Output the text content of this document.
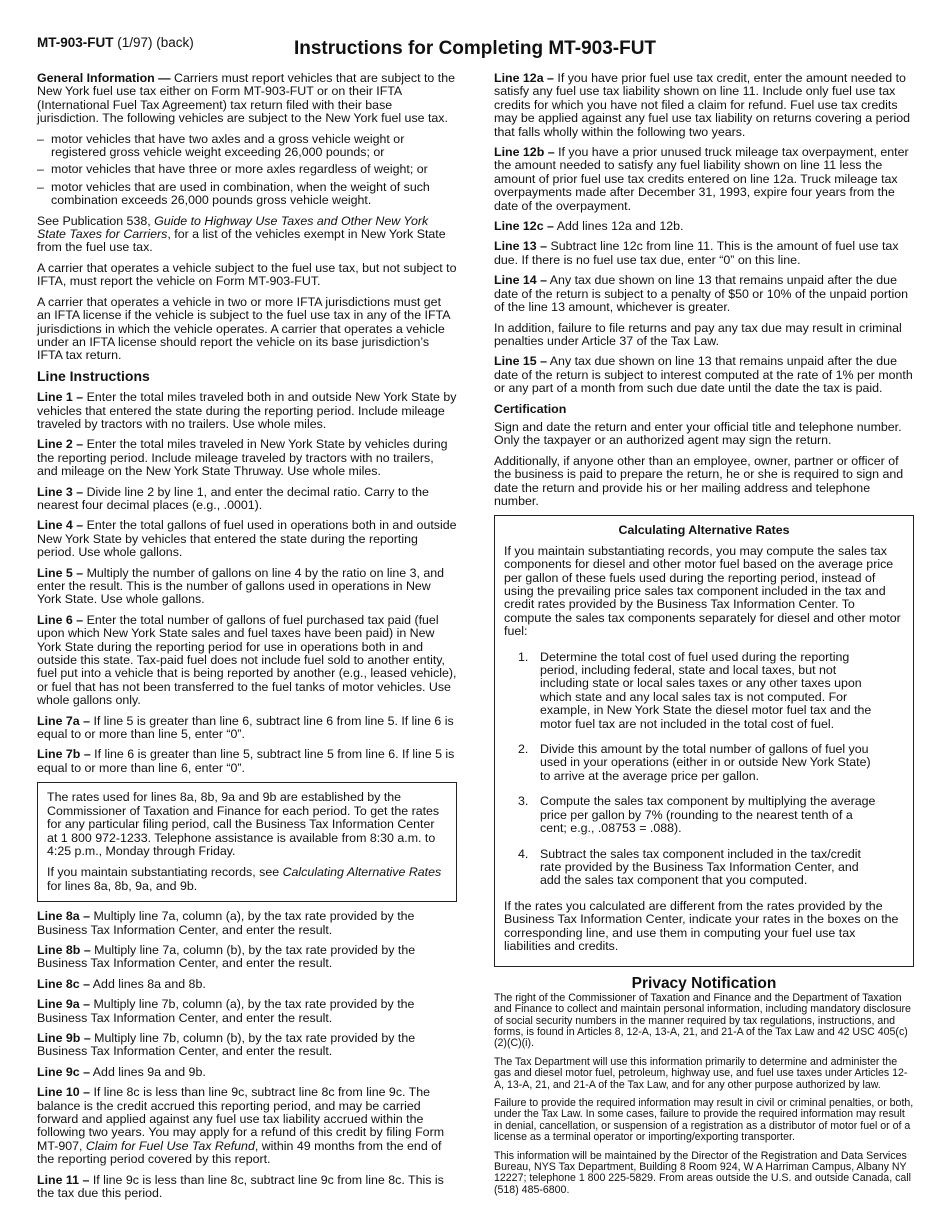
MT-903-FUT (1/97) (back)	Instructions for Completing MT-903-FUT

General Information — Carriers must report vehicles that are subject to the New York fuel use tax either on Form MT-903-FUT or on their IFTA (International Fuel Tax Agreement) tax return filed with their base jurisdiction. The following vehicles are subject to the New York fuel use tax.

– motor vehicles that have two axles and a gross vehicle weight or registered gross vehicle weight exceeding 26,000 pounds; or
– motor vehicles that have three or more axles regardless of weight; or
– motor vehicles that are used in combination, when the weight of such combination exceeds 26,000 pounds gross vehicle weight.

See Publication 538, Guide to Highway Use Taxes and Other New York State Taxes for Carriers, for a list of the vehicles exempt in New York State from the fuel use tax.

A carrier that operates a vehicle subject to the fuel use tax, but not subject to IFTA, must report the vehicle on Form MT-903-FUT.

A carrier that operates a vehicle in two or more IFTA jurisdictions must get an IFTA license if the vehicle is subject to the fuel use tax in any of the IFTA jurisdictions in which the vehicle operates. A carrier that operates a vehicle under an IFTA license should report the vehicle on its base jurisdiction’s IFTA tax return.

Line Instructions

Line 1 – Enter the total miles traveled both in and outside New York State by vehicles that entered the state during the reporting period. Include mileage traveled by tractors with no trailers. Use whole miles.

Line 2 – Enter the total miles traveled in New York State by vehicles during the reporting period. Include mileage traveled by tractors with no trailers, and mileage on the New York State Thruway. Use whole miles.

Line 3 – Divide line 2 by line 1, and enter the decimal ratio. Carry to the nearest four decimal places (e.g., .0001).

Line 4 – Enter the total gallons of fuel used in operations both in and outside New York State by vehicles that entered the state during the reporting period. Use whole gallons.

Line 5 – Multiply the number of gallons on line 4 by the ratio on line 3, and enter the result. This is the number of gallons used in operations in New York State. Use whole gallons.

Line 6 – Enter the total number of gallons of fuel purchased tax paid (fuel upon which New York State sales and fuel taxes have been paid) in New York State during the reporting period for use in operations both in and outside this state. Tax-paid fuel does not include fuel sold to another entity, fuel put into a vehicle that is being reported by another (e.g., leased vehicle), or fuel that has not been transferred to the fuel tanks of motor vehicles. Use whole gallons only.

Line 7a – If line 5 is greater than line 6, subtract line 6 from line 5. If line 6 is equal to or more than line 5, enter “0”.

Line 7b – If line 6 is greater than line 5, subtract line 5 from line 6. If line 5 is equal to or more than line 6, enter “0”.

The rates used for lines 8a, 8b, 9a and 9b are established by the Commissioner of Taxation and Finance for each period. To get the rates for any particular filing period, call the Business Tax Information Center at 1 800 972-1233. Telephone assistance is available from 8:30 a.m. to 4:25 p.m., Monday through Friday.

If you maintain substantiating records, see Calculating Alternative Rates for lines 8a, 8b, 9a, and 9b.

Line 8a – Multiply line 7a, column (a), by the tax rate provided by the Business Tax Information Center, and enter the result.

Line 8b – Multiply line 7a, column (b), by the tax rate provided by the Business Tax Information Center, and enter the result.

Line 8c – Add lines 8a and 8b.

Line 9a – Multiply line 7b, column (a), by the tax rate provided by the Business Tax Information Center, and enter the result.

Line 9b – Multiply line 7b, column (b), by the tax rate provided by the Business Tax Information Center, and enter the result.

Line 9c – Add lines 9a and 9b.

Line 10 – If line 8c is less than line 9c, subtract line 8c from line 9c. The balance is the credit accrued this reporting period, and may be carried forward and applied against any fuel use tax liability accrued within the following two years. You may apply for a refund of this credit by filing Form MT-907, Claim for Fuel Use Tax Refund, within 49 months from the end of the reporting period covered by this report.

Line 11 – If line 9c is less than line 8c, subtract line 9c from line 8c. This is the tax due this period.

Line 12a – If you have prior fuel use tax credit, enter the amount needed to satisfy any fuel use tax liability shown on line 11. Include only fuel use tax credits for which you have not filed a claim for refund. Fuel use tax credits may be applied against any fuel use tax liability on returns covering a period that falls wholly within the following two years.

Line 12b – If you have a prior unused truck mileage tax overpayment, enter the amount needed to satisfy any fuel liability shown on line 11 less the amount of prior fuel use tax credits entered on line 12a. Truck mileage tax overpayments made after December 31, 1993, expire four years from the date of the overpayment.

Line 12c – Add lines 12a and 12b.

Line 13 – Subtract line 12c from line 11. This is the amount of fuel use tax due. If there is no fuel use tax due, enter “0” on this line.

Line 14 – Any tax due shown on line 13 that remains unpaid after the due date of the return is subject to a penalty of $50 or 10% of the unpaid portion of the line 13 amount, whichever is greater.

In addition, failure to file returns and pay any tax due may result in criminal penalties under Article 37 of the Tax Law.

Line 15 – Any tax due shown on line 13 that remains unpaid after the due date of the return is subject to interest computed at the rate of 1% per month or any part of a month from such due date until the date the tax is paid.

Certification

Sign and date the return and enter your official title and telephone number. Only the taxpayer or an authorized agent may sign the return.

Additionally, if anyone other than an employee, owner, partner or officer of the business is paid to prepare the return, he or she is required to sign and date the return and provide his or her mailing address and telephone number.

Calculating Alternative Rates

If you maintain substantiating records, you may compute the sales tax components for diesel and other motor fuel based on the average price per gallon of these fuels used during the reporting period, instead of using the prevailing price sales tax component included in the tax and credit rates provided by the Business Tax Information Center. To compute the sales tax components separately for diesel and other motor fuel:

1. Determine the total cost of fuel used during the reporting period, including federal, state and local taxes, but not including state or local sales taxes or any other taxes upon which state and any local sales tax is not computed. For example, in New York State the diesel motor fuel tax and the motor fuel tax are not included in the total cost of fuel.
2. Divide this amount by the total number of gallons of fuel you used in your operations (either in or outside New York State) to arrive at the average price per gallon.
3. Compute the sales tax component by multiplying the average price per gallon by 7% (rounding to the nearest tenth of a cent; e.g., .08753 = .088).
4. Subtract the sales tax component included in the tax/credit rate provided by the Business Tax Information Center, and add the sales tax component that you computed.

If the rates you calculated are different from the rates provided by the Business Tax Information Center, indicate your rates in the boxes on the corresponding line, and use them in computing your fuel use tax liabilities and credits.

Privacy Notification

The right of the Commissioner of Taxation and Finance and the Department of Taxation and Finance to collect and maintain personal information, including mandatory disclosure of social security numbers in the manner required by tax regulations, instructions, and forms, is found in Articles 8, 12-A, 13-A, 21, and 21-A of the Tax Law and 42 USC 405(c)(2)(C)(i).

The Tax Department will use this information primarily to determine and administer the gas and diesel motor fuel, petroleum, highway use, and fuel use taxes under Articles 12-A, 13-A, 21, and 21-A of the Tax Law, and for any other purpose authorized by law.

Failure to provide the required information may result in civil or criminal penalties, or both, under the Tax Law. In some cases, failure to provide the required information may result in denial, cancellation, or suspension of a registration as a distributor of motor fuel or of a license as a terminal operator or importing/exporting transporter.

This information will be maintained by the Director of the Registration and Data Services Bureau, NYS Tax Department, Building 8 Room 924, W A Harriman Campus, Albany NY 12227; telephone 1 800 225-5829. From areas outside the U.S. and outside Canada, call (518) 485-6800.
